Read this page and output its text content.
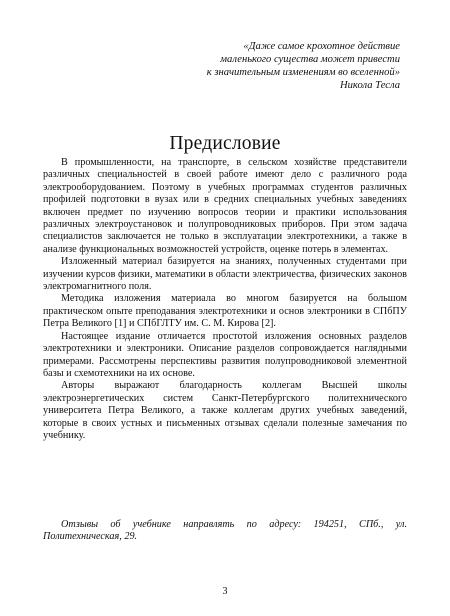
«Даже самое крохотное действие
маленького существа может привести
к значительным изменениям во вселенной»
Никола Тесла
Предисловие

В промышленности, на транспорте, в сельском хозяйстве представители различных специальностей в своей работе имеют дело с различного рода электрооборудованием. Поэтому в учебных программах студентов различных профилей подготовки в вузах или в средних специальных учебных заведениях включен предмет по изучению вопросов теории и практики использования различных электроустановок и полупроводниковых приборов. При этом задача специалистов заключается не только в эксплуатации электротехники, а также в анализе функциональных возможностей устройств, оценке потерь в элементах.

Изложенный материал базируется на знаниях, полученных студентами при изучении курсов физики, математики в области электричества, физических законов электромагнитного поля.

Методика изложения материала во многом базируется на большом практическом опыте преподавания электротехники и основ электроники в СПбПУ Петра Великого [1] и СПбГЛТУ им. С. М. Кирова [2].

Настоящее издание отличается простотой изложения основных разделов электротехники и электроники. Описание разделов сопровождается наглядными примерами. Рассмотрены перспективы развития полупроводниковой элементной базы и схемотехники на их основе.

Авторы выражают благодарность коллегам Высшей школы электроэнергетических систем Санкт-Петербургского политехнического университета Петра Великого, а также коллегам других учебных заведений, которые в своих устных и письменных отзывах сделали полезные замечания по учебнику.

Отзывы об учебнике направлять по адресу: 194251, СПб., ул. Политехническая, 29.

3
